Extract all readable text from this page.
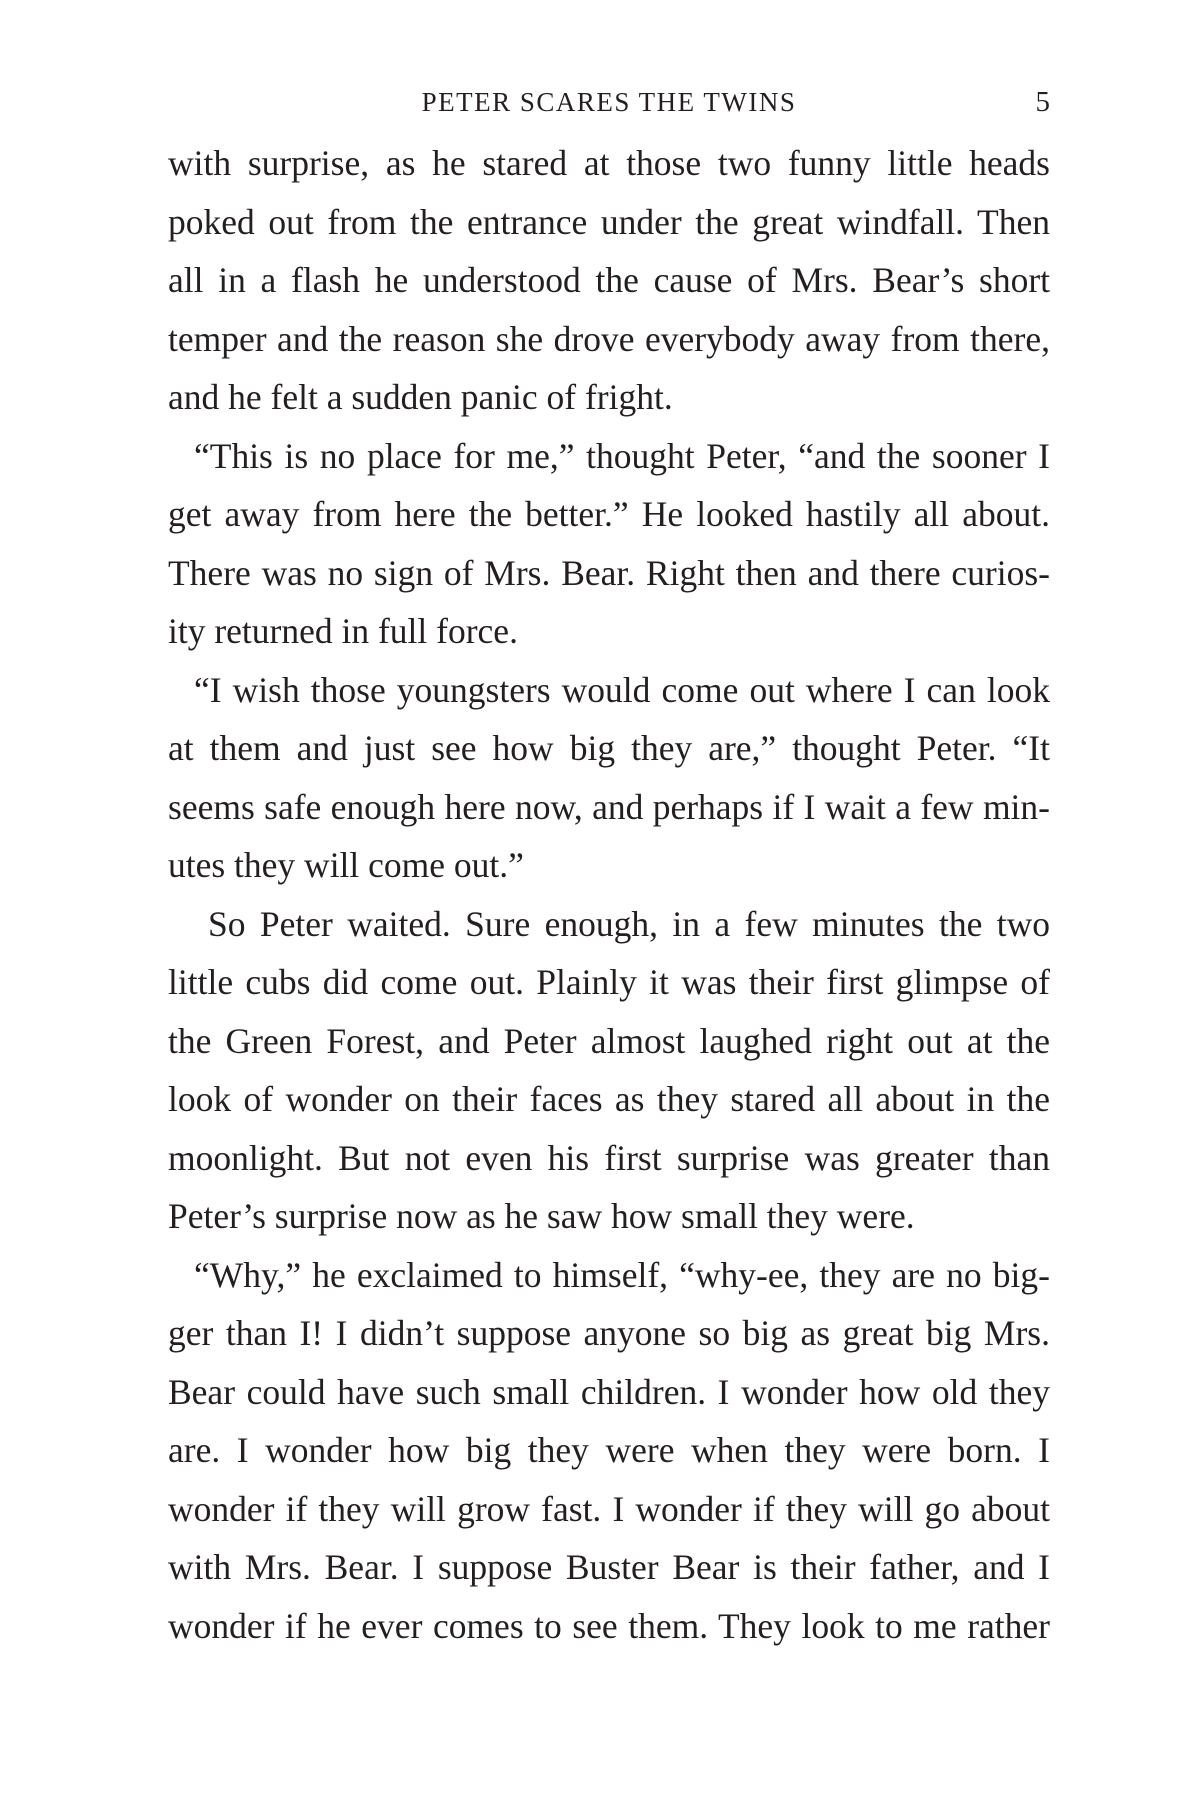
PETER SCARES THE TWINS	5
with surprise, as he stared at those two funny little heads
poked out from the entrance under the great windfall. Then
all in a flash he understood the cause of Mrs. Bear’s short
temper and the reason she drove everybody away from there,
and he felt a sudden panic of fright.
“This is no place for me,” thought Peter, “and the sooner I
get away from here the better.” He looked hastily all about.
There was no sign of Mrs. Bear. Right then and there curios-
ity returned in full force.
“I wish those youngsters would come out where I can look
at them and just see how big they are,” thought Peter. “It
seems safe enough here now, and perhaps if I wait a few min-
utes they will come out.”
So Peter waited. Sure enough, in a few minutes the two
little cubs did come out. Plainly it was their first glimpse of
the Green Forest, and Peter almost laughed right out at the
look of wonder on their faces as they stared all about in the
moonlight. But not even his first surprise was greater than
Peter’s surprise now as he saw how small they were.
“Why,” he exclaimed to himself, “why-ee, they are no big-
ger than I! I didn’t suppose anyone so big as great big Mrs.
Bear could have such small children. I wonder how old they
are. I wonder how big they were when they were born. I
wonder if they will grow fast. I wonder if they will go about
with Mrs. Bear. I suppose Buster Bear is their father, and I
wonder if he ever comes to see them. They look to me rather
